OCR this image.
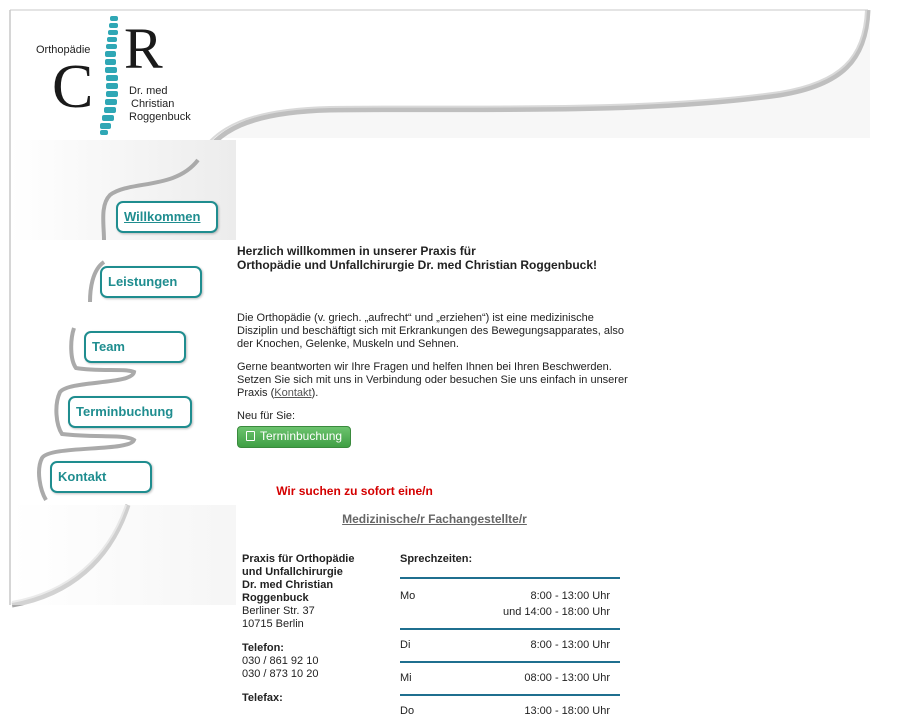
Orthopädie
C
R
Dr. med
Christian
Roggenbuck
Willkommen
Leistungen
Team
Terminbuchung
Kontakt
Herzlich willkommen in unserer Praxis für
Orthopädie und Unfallchirurgie Dr. med Christian Roggenbuck!

Die Orthopädie (v. griech. „aufrecht“ und „erziehen“) ist eine medizinische Disziplin und beschäftigt sich mit Erkrankungen des Bewegungsapparates, also der Knochen, Gelenke, Muskeln und Sehnen.

Gerne beantworten wir Ihre Fragen und helfen Ihnen bei Ihren Beschwerden. Setzen Sie sich mit uns in Verbindung oder besuchen Sie uns einfach in unserer Praxis (Kontakt).

Neu für Sie:
Terminbuchung
Wir suchen zu sofort eine/n
Medizinische/r Fachangestellte/r
Praxis für Orthopädie
und Unfallchirurgie
Dr. med Christian
Roggenbuck
Berliner Str. 37
10715 Berlin
Telefon:
030 / 861 92 10
030 / 873 10 20
Telefax:
Sprechzeiten:
Mo	8:00 - 13:00 Uhr
und 14:00 - 18:00 Uhr
Di	8:00 - 13:00 Uhr
Mi	08:00 - 13:00 Uhr
Do	13:00 - 18:00 Uhr
